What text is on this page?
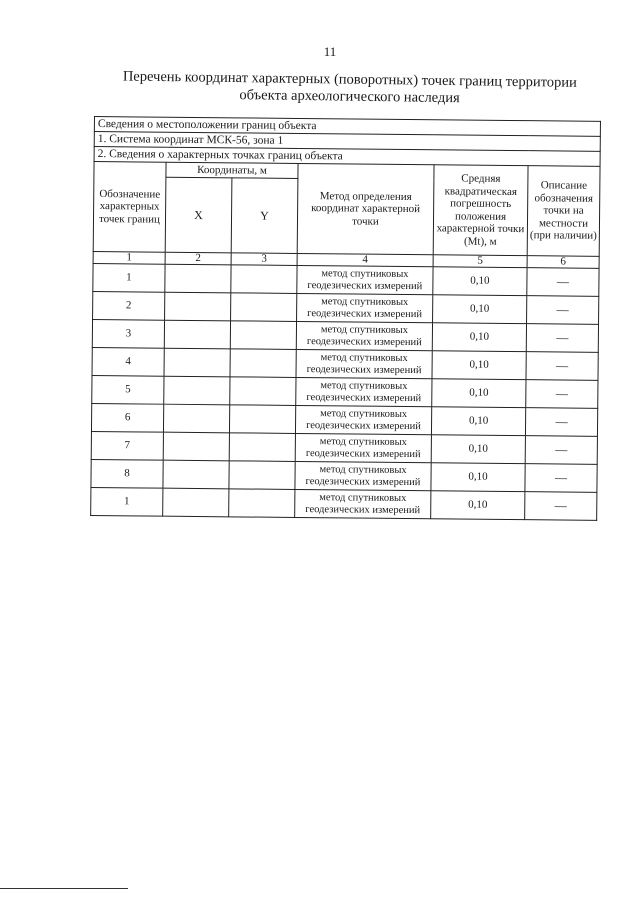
11
Перечень координат характерных (поворотных) точек границ территории
объекта археологического наследия
Сведения о местоположении границ объекта					
1. Система координат МСК-56, зона 1					
2. Сведения о характерных точках границ объекта					
Обозначение характерных точек границ	Координаты, м		Метод определения координат характерной точки	Средняя квадратическая погрешность положения характерной точки (Mt), м	Описание обозначения точки на местности (при наличии)
	X	Y			
1	2	3	4	5	6
1			метод спутниковых геодезических измерений	0,10	—
2			метод спутниковых геодезических измерений	0,10	—
3			метод спутниковых геодезических измерений	0,10	—
4			метод спутниковых геодезических измерений	0,10	—
5			метод спутниковых геодезических измерений	0,10	—
6			метод спутниковых геодезических измерений	0,10	—
7			метод спутниковых геодезических измерений	0,10	—
8			метод спутниковых геодезических измерений	0,10	—
1			метод спутниковых геодезических измерений	0,10	—
